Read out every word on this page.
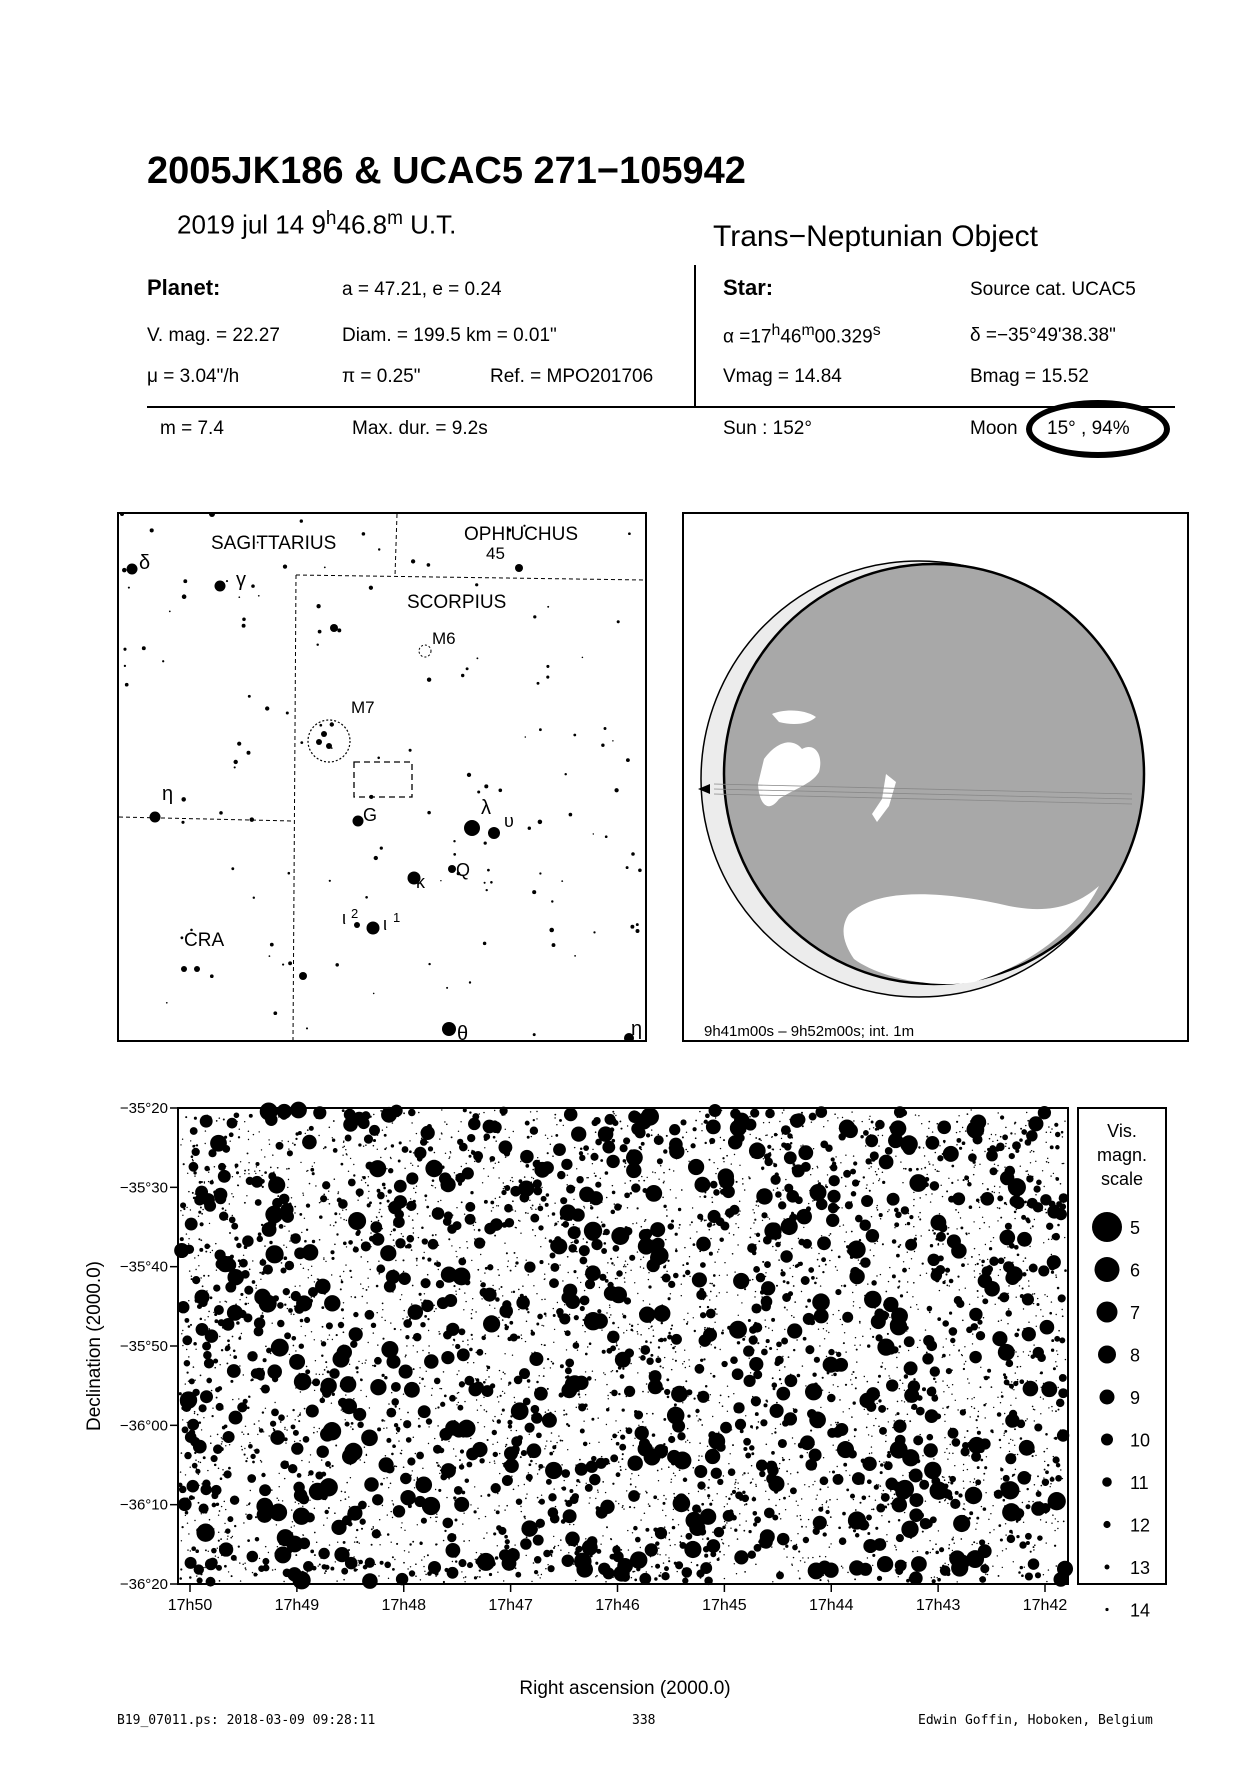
2005JK186 & UCAC5 271−105942
2019 jul 14 9$^h$46.8$^m$ U.T.	Trans−Neptunian Object
Planet:	a = 47.21, e = 0.24
V. mag. = 22.27	Diam. = 199.5 km = 0.01"
μ = 3.04"/h	π = 0.25"	Ref. = MPO201706
Star:	Source cat. UCAC5
$\alpha =17^h46^m00.329^s$	δ =−35°49'38.38"
Vmag = 14.84	Bmag = 15.52
m = 7.4	Max. dur. = 9.2s	Sun : 152°	Moon 15° , 94%
SAGITTARIUS	OPHIUCHUS
45
SCORPIUS
CRA
M6
M7
G
Q
δ
γ
η
λ
υ
κ
ι 2
ι 1
θ	η	9h41m00s – 9h52m00s; int. 1m
17h50	17h49	17h48	17h47	17h46	17h45	17h44	17h43	17h42
−35°20
−35°30
−35°40
−35°50
−36°00
−36°10
−36°20
Right ascension (2000.0)
Declination (2000.0)
Vis.
magn.
scale
5
6
7
8
9
10
11
12
13
14
B19_07011.ps: 2018-03-09 09:28:11	338	Edwin Goffin, Hoboken, Belgium
